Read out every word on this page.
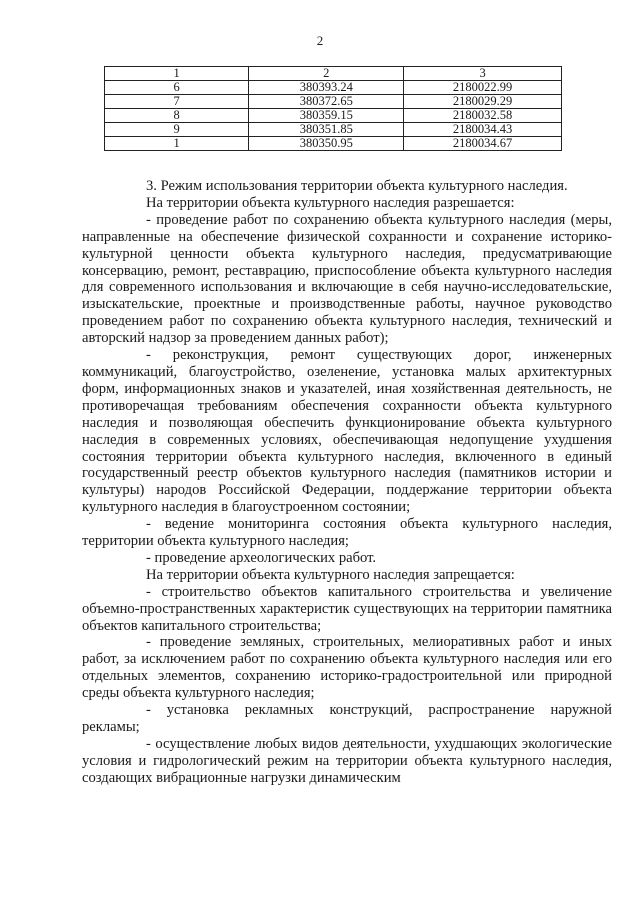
2
1	2	3
6	380393.24	2180022.99
7	380372.65	2180029.29
8	380359.15	2180032.58
9	380351.85	2180034.43
1	380350.95	2180034.67

3. Режим использования территории объекта культурного наследия.

На территории объекта культурного наследия разрешается:

- проведение работ по сохранению объекта культурного наследия (меры, направленные на обеспечение физической сохранности и сохранение историко-культурной ценности объекта культурного наследия, предусматривающие консервацию, ремонт, реставрацию, приспособление объекта культурного наследия для современного использования и включающие в себя научно-исследовательские, изыскательские, проектные и производственные работы, научное руководство проведением работ по сохранению объекта культурного наследия, технический и авторский надзор за проведением данных работ);

- реконструкция, ремонт существующих дорог, инженерных коммуникаций, благоустройство, озеленение, установка малых архитектурных форм, информационных знаков и указателей, иная хозяйственная деятельность, не противоречащая требованиям обеспечения сохранности объекта культурного наследия и позволяющая обеспечить функционирование объекта культурного наследия в современных условиях, обеспечивающая недопущение ухудшения состояния территории объекта культурного наследия, включенного в единый государственный реестр объектов культурного наследия (памятников истории и культуры) народов Российской Федерации, поддержание территории объекта культурного наследия в благоустроенном состоянии;

- ведение мониторинга состояния объекта культурного наследия, территории объекта культурного наследия;

- проведение археологических работ.

На территории объекта культурного наследия запрещается:

- строительство объектов капитального строительства и увеличение объемно-пространственных характеристик существующих на территории памятника объектов капитального строительства;

- проведение земляных, строительных, мелиоративных работ и иных работ, за исключением работ по сохранению объекта культурного наследия или его отдельных элементов, сохранению историко-градостроительной или природной среды объекта культурного наследия;

- установка рекламных конструкций, распространение наружной рекламы;

- осуществление любых видов деятельности, ухудшающих экологические условия и гидрологический режим на территории объекта культурного наследия, создающих вибрационные нагрузки динамическим
